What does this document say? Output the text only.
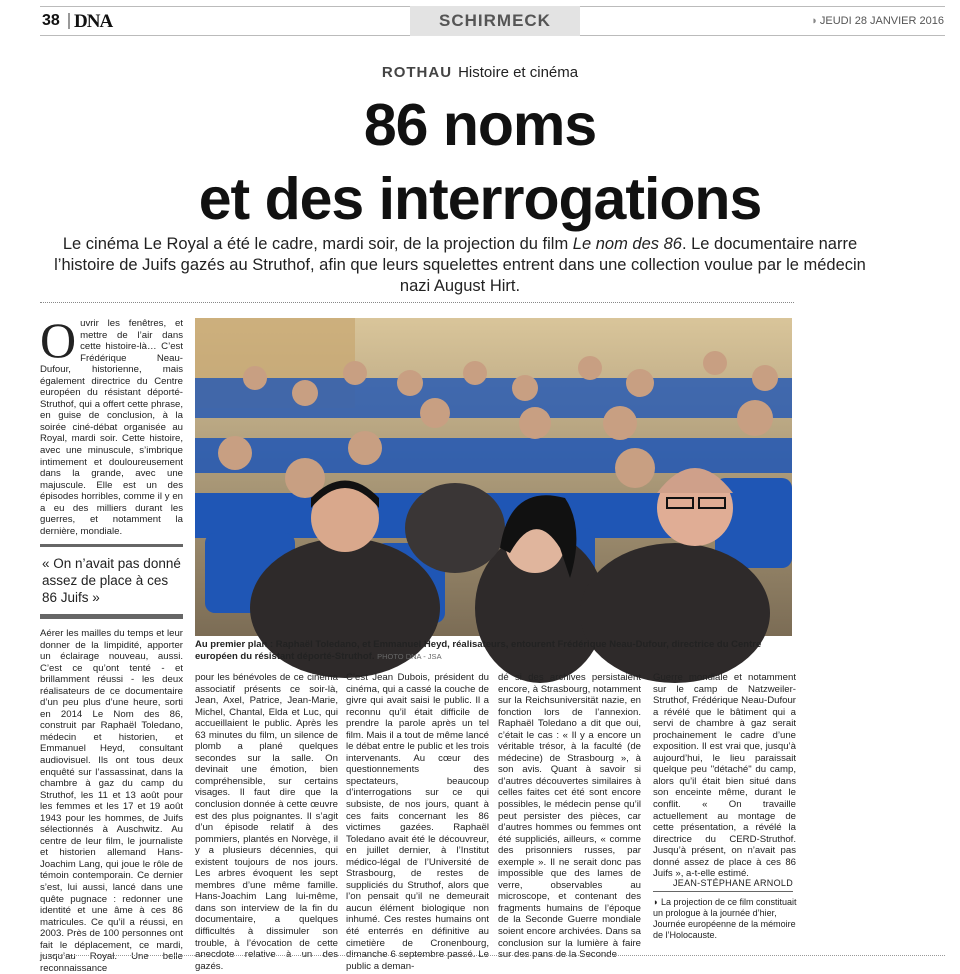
38 DNA	SCHIRMECK	◗ JEUDI 28 JANVIER 2016
ROTHAU Histoire et cinéma
86 noms
et des interrogations
Le cinéma Le Royal a été le cadre, mardi soir, de la projection du film Le nom des 86. Le documentaire narre l’histoire de Juifs gazés au Struthof, afin que leurs squelettes entrent dans une collection voulue par le médecin nazi August Hirt.
Ouvrir les fenêtres, et mettre de l’air dans cette histoire-là… C’est Frédérique Neau-Dufour, historienne, mais également directrice du Centre européen du résistant déporté-Struthof, qui a offert cette phrase, en guise de conclusion, à la soirée ciné-débat organisée au Royal, mardi soir. Cette histoire, avec une minuscule, s’imbrique intimement et douloureusement dans la grande, avec une majuscule. Elle est un des épisodes horribles, comme il y en a eu des milliers durant les guerres, et notamment la dernière, mondiale.
« On n’avait pas donné assez de place à ces 86 Juifs »
Au premier plan : Raphaël Toledano, et Emmanuel Heyd, réalisateurs, entourent Frédérique Neau-Dufour, directrice du Centre européen du résistant déporté-Struthof. PHOTO DNA - JSA
Aérer les mailles du temps et leur donner de la limpidité, apporter un éclairage nouveau, aussi. C’est ce qu’ont tenté - et brillamment réussi - les deux réalisateurs de ce documentaire d’un peu plus d’une heure, sorti en 2014 Le Nom des 86, construit par Raphaël Toledano, médecin et historien, et Emmanuel Heyd, consultant audiovisuel. Ils ont tous deux enquêté sur l’assassinat, dans la chambre à gaz du camp du Struthof, les 11 et 13 août pour les femmes et les 17 et 19 août 1943 pour les hommes, de Juifs sélectionnés à Auschwitz. Au centre de leur film, le journaliste et historien allemand Hans-Joachim Lang, qui joue le rôle de témoin contemporain. Ce dernier s’est, lui aussi, lancé dans une quête pugnace : redonner une identité et une âme à ces 86 matricules. Ce qu’il a réussi, en 2003. Près de 100 personnes ont fait le déplacement, ce mardi, jusqu’au Royal. Une belle reconnaissance
pour les bénévoles de ce cinéma associatif présents ce soir-là, Jean, Axel, Patrice, Jean-Marie, Michel, Chantal, Elda et Luc, qui accueillaient le public. Après les 63 minutes du film, un silence de plomb a plané quelques secondes sur la salle. On devinait une émotion, bien compréhensible, sur certains visages. Il faut dire que la conclusion donnée à cette œuvre est des plus poignantes. Il s’agit d’un épisode relatif à des pommiers, plantés en Norvège, il y a plusieurs décennies, qui existent toujours de nos jours. Les arbres évoquent les sept membres d’une même famille. Hans-Joachim Lang lui-même, dans son interview de la fin du documentaire, a quelques difficultés à dissimuler son trouble, à l’évocation de cette anecdote relative à un des gazés.
C’est Jean Dubois, président du cinéma, qui a cassé la couche de givre qui avait saisi le public. Il a reconnu qu’il était difficile de prendre la parole après un tel film. Mais il a tout de même lancé le débat entre le public et les trois intervenants. Au cœur des questionnements des spectateurs, beaucoup d’interrogations sur ce qui subsiste, de nos jours, quant à ces faits concernant les 86 victimes gazées. Raphaël Toledano avait été le découvreur, en juillet dernier, à l’Institut médico-légal de l’Université de Strasbourg, de restes de suppliciés du Struthof, alors que l’on pensait qu’il ne demeurait aucun élément biologique non inhumé. Ces restes humains ont été enterrés en définitive au cimetière de Cronenbourg, dimanche 6 septembre passé. Le public a deman-
dé si des archives persistaient encore, à Strasbourg, notamment sur la Reichsuniversität nazie, en fonction lors de l’annexion. Raphaël Toledano a dit que oui, c’était le cas : « Il y a encore un véritable trésor, à la faculté (de médecine) de Strasbourg », à son avis. Quant à savoir si d’autres découvertes similaires à celles faites cet été sont encore possibles, le médecin pense qu’il peut persister des pièces, car d’autres hommes ou femmes ont été suppliciés, ailleurs, « comme des prisonniers russes, par exemple ». Il ne serait donc pas impossible que des lames de verre, observables au microscope, et contenant des fragments humains de l’époque de la Seconde Guerre mondiale soient encore archivées. Dans sa conclusion sur la lumière à faire sur des pans de la Seconde
Guerre mondiale et notamment sur le camp de Natzweiler-Struthof, Frédérique Neau-Dufour a révélé que le bâtiment qui a servi de chambre à gaz serait prochainement le cadre d’une exposition. Il est vrai que, jusqu’à aujourd’hui, le lieu paraissait quelque peu "détaché" du camp, alors qu’il était bien situé dans son enceinte même, durant le conflit. « On travaille actuellement au montage de cette présentation, a révélé la directrice du CERD-Struthof. Jusqu’à présent, on n’avait pas donné assez de place à ces 86 Juifs », a-t-elle estimé.
JEAN-STÉPHANE ARNOLD
◗ La projection de ce film constituait un prologue à la journée d’hier, Journée européenne de la mémoire de l’Holocauste.
